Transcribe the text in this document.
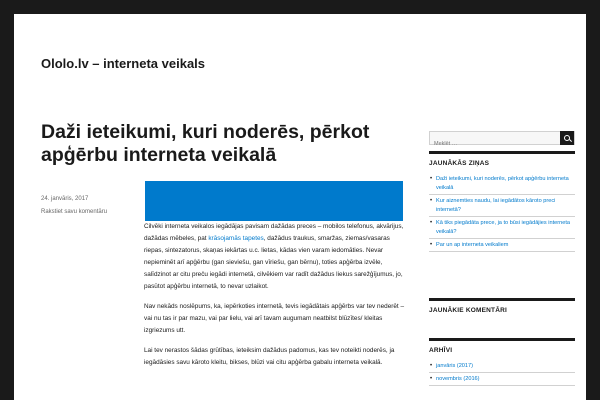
Ololo.lv – interneta veikals
Daži ieteikumi, kuri noderēs, pērkot apģērbu interneta veikalā
24. janvāris, 2017
Rakstiet savu komentāru

Cilvēki interneta veikalos iegādājas pavisam dažādas preces – mobilos telefonus, akvārijus, dažādas mēbeles, pat krāsojamās tapetes, dažādus traukus, smaržas, ziemas/vasaras riepas, sintezatorus, skaņas iekārtas u.c. lietas, kādas vien varam iedomāties. Nevar nepieminēt arī apģērbu (gan sieviešu, gan vīriešu, gan bērnu), toties apģērba izvēle, salīdzinot ar citu preču iegādi internetā, cilvēkiem var radīt dažādus liekus sarežģījumus, jo, pasūtot apģērbu internetā, to nevar uzlaikot.

Nav nekāds noslēpums, ka, iepērkoties internetā, tevis iegādātais apģērbs var tev nederēt – vai nu tas ir par mazu, vai par lielu, vai arī tavam augumam neatbilst blūzītes/ kleitas izgriezums utt.

Lai tev nerastos šādas grūtības, ieteiksim dažādus padomus, kas tev noteikti noderēs, ja iegādāsies savu kāroto kleitu, bikses, blūzi vai citu apģērba gabalu interneta veikalā.

Meklēt …
JAUNĀKĀS ZIŅAS
• Daži ieteikumi, kuri noderēs, pērkot apģērbu interneta veikalā
• Kur aiznemties naudu, lai iegādātos kāroto preci internetā?
• Kā tiks piegādāta prece, ja to būsi iegādājies interneta veikalā?
• Par un ap interneta veikaliem
JAUNĀKIE KOMENTĀRI
ARHĪVI
• janvāris (2017)
• novembris (2016)
